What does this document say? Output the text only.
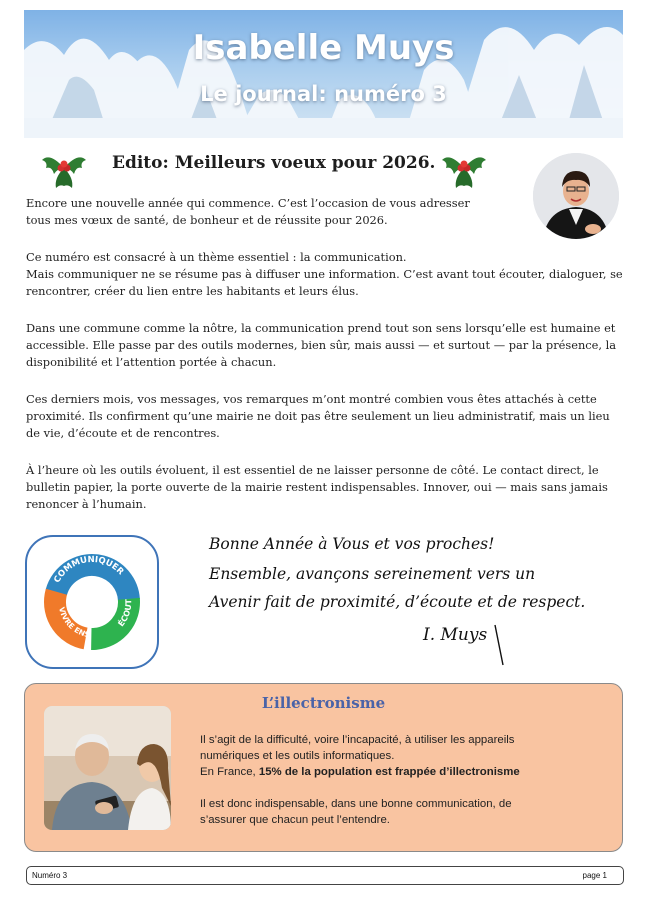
Isabelle Muys
Le journal: numéro 3
Edito: Meilleurs voeux pour 2026.

Encore une nouvelle année qui commence. C’est l’occasion de vous adresser

tous mes vœux de santé, de bonheur et de réussite pour 2026.

Ce numéro est consacré à un thème essentiel : la communication.

Mais communiquer ne se résume pas à diffuser une information. C’est avant tout écouter, dialoguer, se

rencontrer, créer du lien entre les habitants et leurs élus.

Dans une commune comme la nôtre, la communication prend tout son sens lorsqu’elle est humaine et

accessible. Elle passe par des outils modernes, bien sûr, mais aussi — et surtout — par la présence, la

disponibilité et l’attention portée à chacun.

Ces derniers mois, vos messages, vos remarques m’ont montré combien vous êtes attachés à cette

proximité. Ils confirment qu’une mairie ne doit pas être seulement un lieu administratif, mais un lieu

de vie, d’écoute et de rencontres.

À l’heure où les outils évoluent, il est essentiel de ne laisser personne de côté. Le contact direct, le

bulletin papier, la porte ouverte de la mairie restent indispensables. Innover, oui — mais sans jamais

renoncer à l’humain.

COMMUNIQUER
ÉCOUT
VIVRE ENS
Bonne Année à Vous et vos proches!
Ensemble, avançons sereinement vers un
Avenir fait de proximité, d’écoute et de respect.
I. Muys
L’illectronisme

Il s’agit de la difficulté, voire l’incapacité, à utiliser les appareils

numériques et les outils informatiques.

En France, 15% de la population est frappée d’illectronisme

Il est donc indispensable, dans une bonne communication, de

s’assurer que chacun peut l’entendre.

Numéro 3	page 1
